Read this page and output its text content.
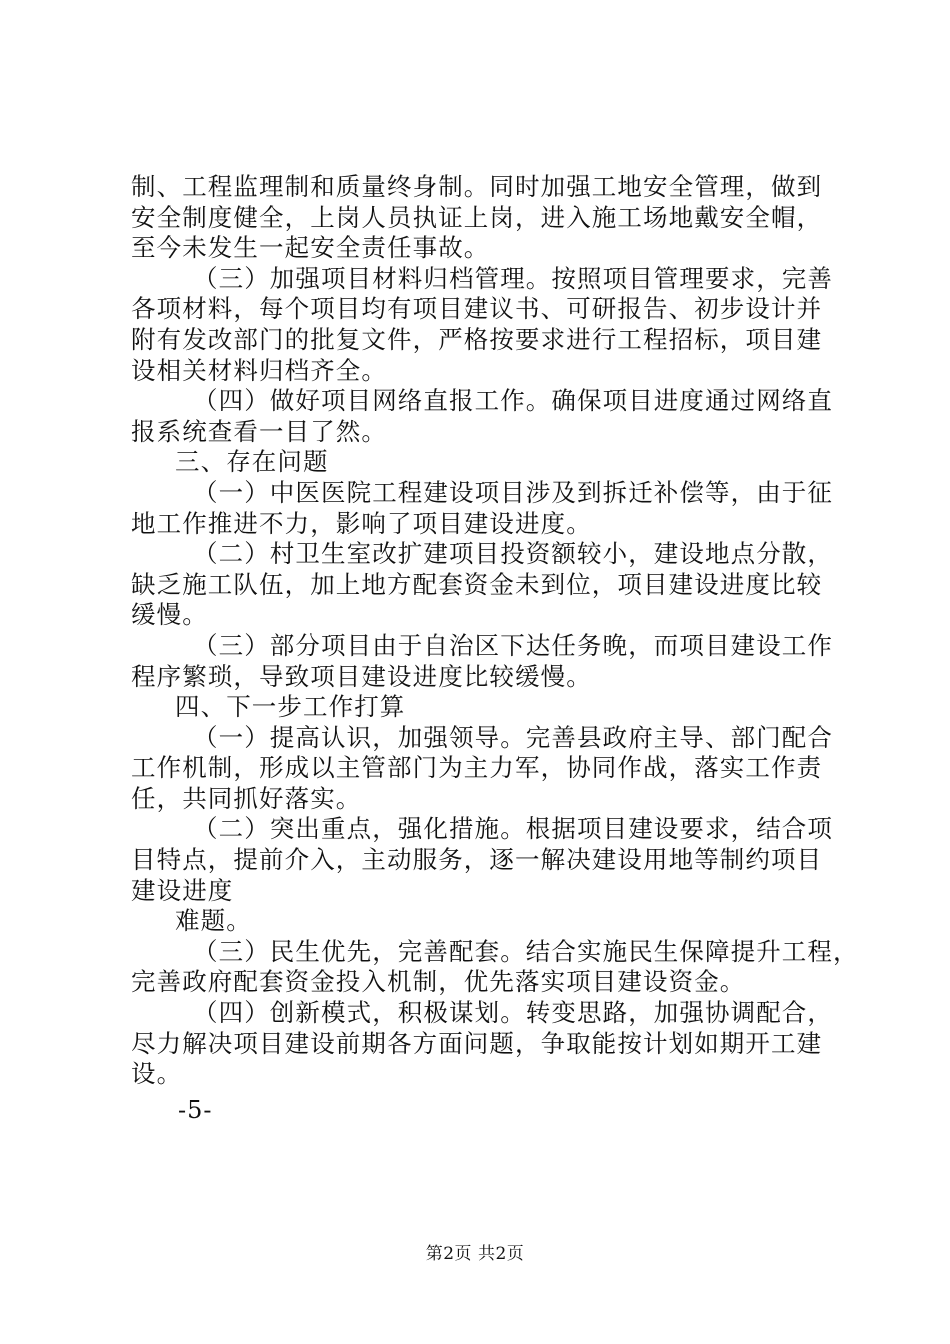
制、工程监理制和质量终身制。同时加强工地安全管理，做到
安全制度健全，上岗人员执证上岗，进入施工场地戴安全帽，
至今未发生一起安全责任事故。
（三）加强项目材料归档管理。按照项目管理要求，完善
各项材料，每个项目均有项目建议书、可研报告、初步设计并
附有发改部门的批复文件，严格按要求进行工程招标，项目建
设相关材料归档齐全。
（四）做好项目网络直报工作。确保项目进度通过网络直
报系统查看一目了然。
三、存在问题
（一）中医医院工程建设项目涉及到拆迁补偿等，由于征
地工作推进不力，影响了项目建设进度。
（二）村卫生室改扩建项目投资额较小，建设地点分散，
缺乏施工队伍，加上地方配套资金未到位，项目建设进度比较
缓慢。
（三）部分项目由于自治区下达任务晚，而项目建设工作
程序繁琐，导致项目建设进度比较缓慢。
四、下一步工作打算
（一）提高认识，加强领导。完善县政府主导、部门配合
工作机制，形成以主管部门为主力军，协同作战，落实工作责
任，共同抓好落实。
（二）突出重点，强化措施。根据项目建设要求，结合项
目特点，提前介入，主动服务，逐一解决建设用地等制约项目
建设进度
难题。
（三）民生优先，完善配套。结合实施民生保障提升工程，
完善政府配套资金投入机制，优先落实项目建设资金。
（四）创新模式，积极谋划。转变思路，加强协调配合，
尽力解决项目建设前期各方面问题，争取能按计划如期开工建
设。
-5-
第2页 共2页
